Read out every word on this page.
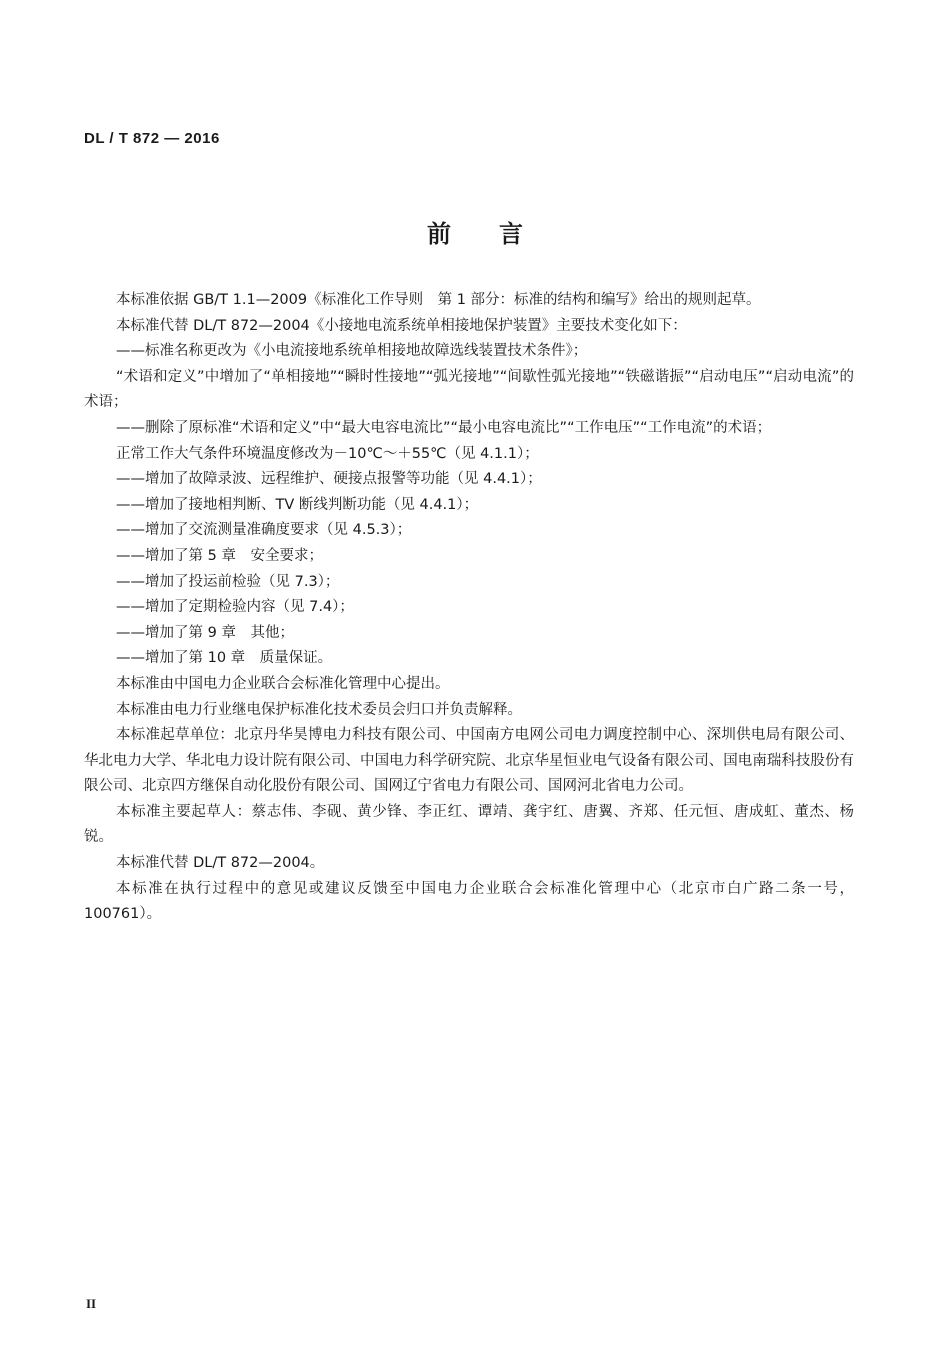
DL / T 872 — 2016
前 言

本标准依据 GB/T 1.1—2009《标准化工作导则　第 1 部分：标准的结构和编写》给出的规则起草。

本标准代替 DL/T 872—2004《小接地电流系统单相接地保护装置》主要技术变化如下：

——标准名称更改为《小电流接地系统单相接地故障选线装置技术条件》；

“术语和定义”中增加了“单相接地”“瞬时性接地”“弧光接地”“间歇性弧光接地”“铁磁谐振”“启动电压”“启动电流”的术语；

——删除了原标准“术语和定义”中“最大电容电流比”“最小电容电流比”“工作电压”“工作电流”的术语；

正常工作大气条件环境温度修改为－10℃～＋55℃（见 4.1.1）；

——增加了故障录波、远程维护、硬接点报警等功能（见 4.4.1）；

——增加了接地相判断、TV 断线判断功能（见 4.4.1）；

——增加了交流测量准确度要求（见 4.5.3）；

——增加了第 5 章　安全要求；

——增加了投运前检验（见 7.3）；

——增加了定期检验内容（见 7.4）；

——增加了第 9 章　其他；

——增加了第 10 章　质量保证。

本标准由中国电力企业联合会标准化管理中心提出。

本标准由电力行业继电保护标准化技术委员会归口并负责解释。

本标准起草单位：北京丹华昊博电力科技有限公司、中国南方电网公司电力调度控制中心、深圳供电局有限公司、华北电力大学、华北电力设计院有限公司、中国电力科学研究院、北京华星恒业电气设备有限公司、国电南瑞科技股份有限公司、北京四方继保自动化股份有限公司、国网辽宁省电力有限公司、国网河北省电力公司。

本标准主要起草人：蔡志伟、李砚、黄少锋、李正红、谭靖、龚宇红、唐翼、齐郑、任元恒、唐成虹、董杰、杨锐。

本标准代替 DL/T 872—2004。

本标准在执行过程中的意见或建议反馈至中国电力企业联合会标准化管理中心（北京市白广路二条一号，100761）。

II
